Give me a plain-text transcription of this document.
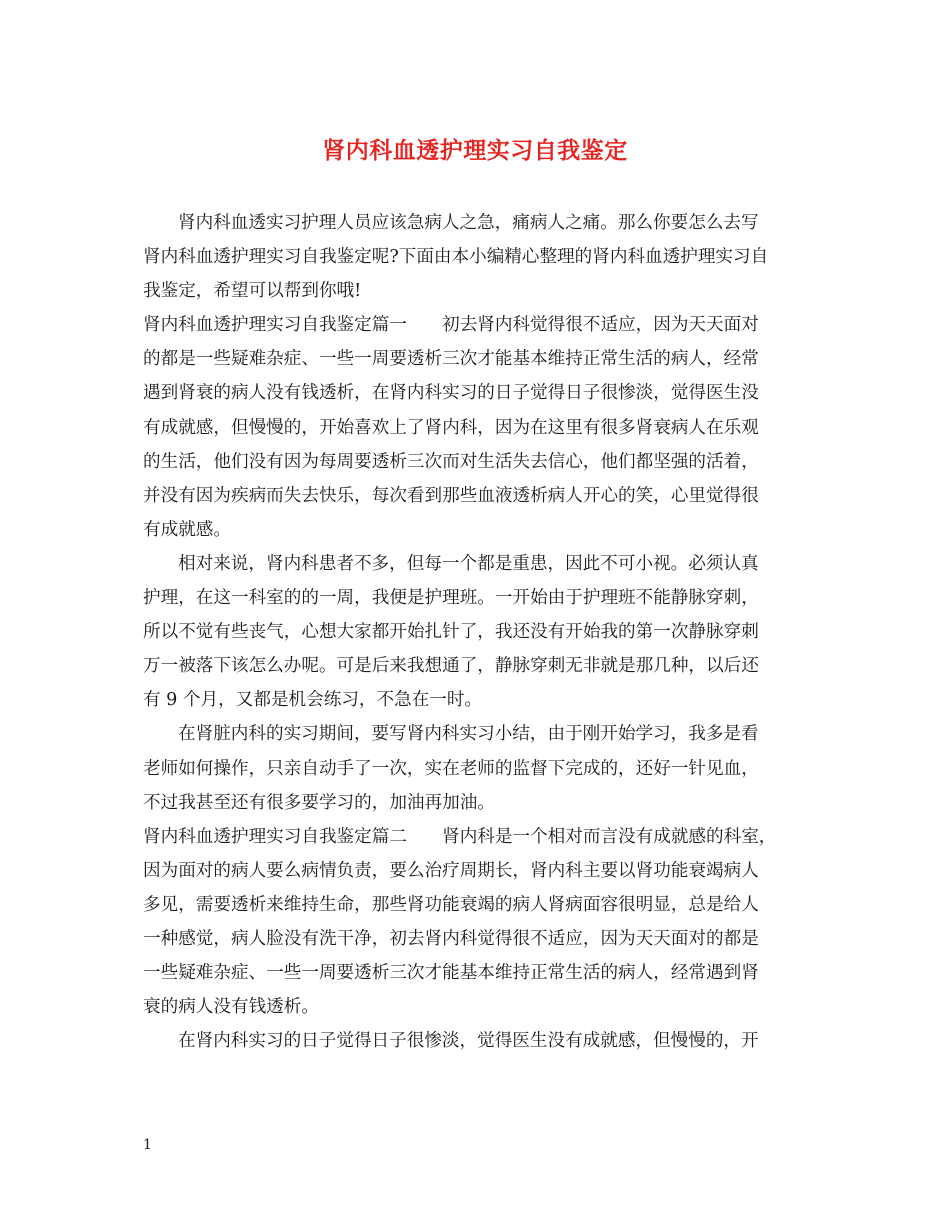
肾内科血透护理实习自我鉴定
肾内科血透实习护理人员应该急病人之急，痛病人之痛。那么你要怎么去写
肾内科血透护理实习自我鉴定呢?下面由本小编精心整理的肾内科血透护理实习自
我鉴定，希望可以帮到你哦!
肾内科血透护理实习自我鉴定篇一　　初去肾内科觉得很不适应，因为天天面对
的都是一些疑难杂症、一些一周要透析三次才能基本维持正常生活的病人，经常
遇到肾衰的病人没有钱透析，在肾内科实习的日子觉得日子很惨淡，觉得医生没
有成就感，但慢慢的，开始喜欢上了肾内科，因为在这里有很多肾衰病人在乐观
的生活，他们没有因为每周要透析三次而对生活失去信心，他们都坚强的活着，
并没有因为疾病而失去快乐，每次看到那些血液透析病人开心的笑，心里觉得很
有成就感。
相对来说，肾内科患者不多，但每一个都是重患，因此不可小视。必须认真
护理，在这一科室的的一周，我便是护理班。一开始由于护理班不能静脉穿刺，
所以不觉有些丧气，心想大家都开始扎针了，我还没有开始我的第一次静脉穿刺
万一被落下该怎么办呢。可是后来我想通了，静脉穿刺无非就是那几种，以后还
有 9 个月，又都是机会练习，不急在一时。
在肾脏内科的实习期间，要写肾内科实习小结，由于刚开始学习，我多是看
老师如何操作，只亲自动手了一次，实在老师的监督下完成的，还好一针见血，
不过我甚至还有很多要学习的，加油再加油。
肾内科血透护理实习自我鉴定篇二　　肾内科是一个相对而言没有成就感的科室，
因为面对的病人要么病情负责，要么治疗周期长，肾内科主要以肾功能衰竭病人
多见，需要透析来维持生命，那些肾功能衰竭的病人肾病面容很明显，总是给人
一种感觉，病人脸没有洗干净，初去肾内科觉得很不适应，因为天天面对的都是
一些疑难杂症、一些一周要透析三次才能基本维持正常生活的病人，经常遇到肾
衰的病人没有钱透析。
在肾内科实习的日子觉得日子很惨淡，觉得医生没有成就感，但慢慢的，开
1
